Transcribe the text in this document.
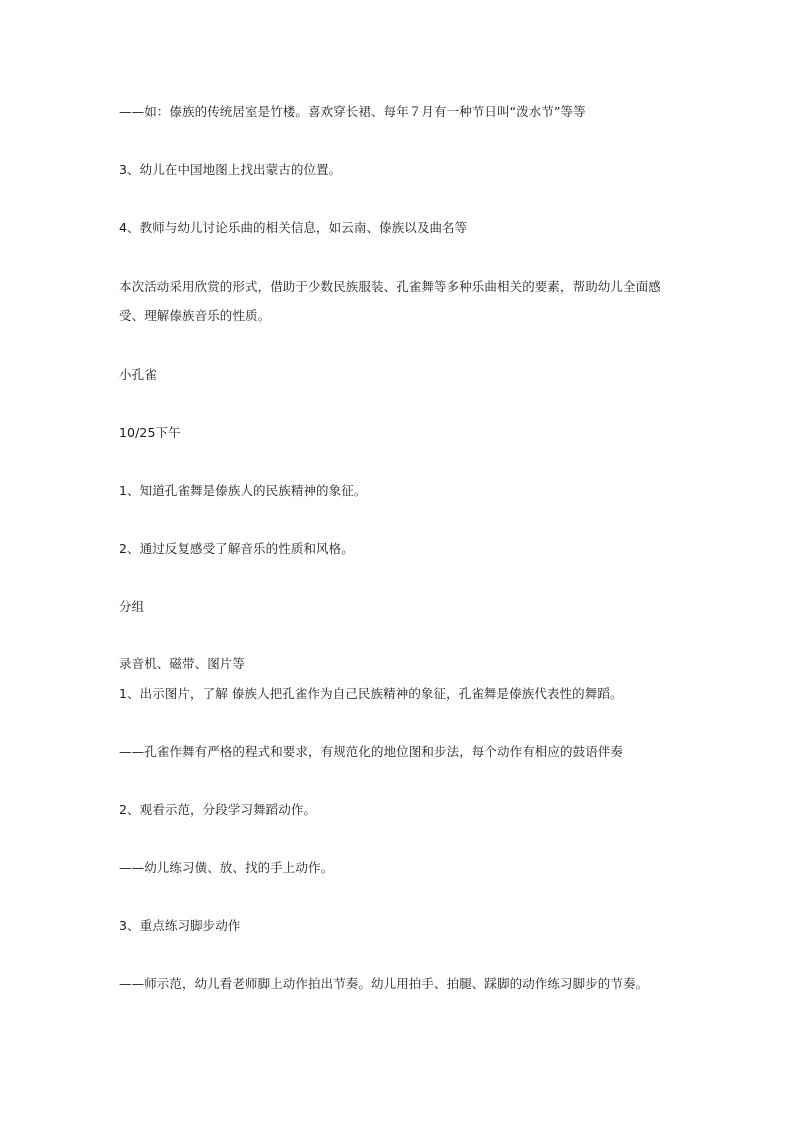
——如：傣族的传统居室是竹楼。喜欢穿长裙、每年７月有一种节日叫“泼水节”等等
3、幼儿在中国地图上找出蒙古的位置。
4、教师与幼儿讨论乐曲的相关信息，如云南、傣族以及曲名等
本次活动采用欣赏的形式，借助于少数民族服装、孔雀舞等多种乐曲相关的要素，帮助幼儿全面感受、理解傣族音乐的性质。
小孔雀
10/25下午
1、知道孔雀舞是傣族人的民族精神的象征。
2、通过反复感受了解音乐的性质和风格。
分组
录音机、磁带、图片等
1、出示图片，了解 傣族人把孔雀作为自己民族精神的象征，孔雀舞是傣族代表性的舞蹈。
——孔雀作舞有严格的程式和要求，有规范化的地位图和步法，每个动作有相应的鼓语伴奏
2、观看示范，分段学习舞蹈动作。
——幼儿练习僙、放、找的手上动作。
3、重点练习脚步动作
——师示范，幼儿看老师脚上动作拍出节奏。幼儿用拍手、拍腿、踩脚的动作练习脚步的节奏。
